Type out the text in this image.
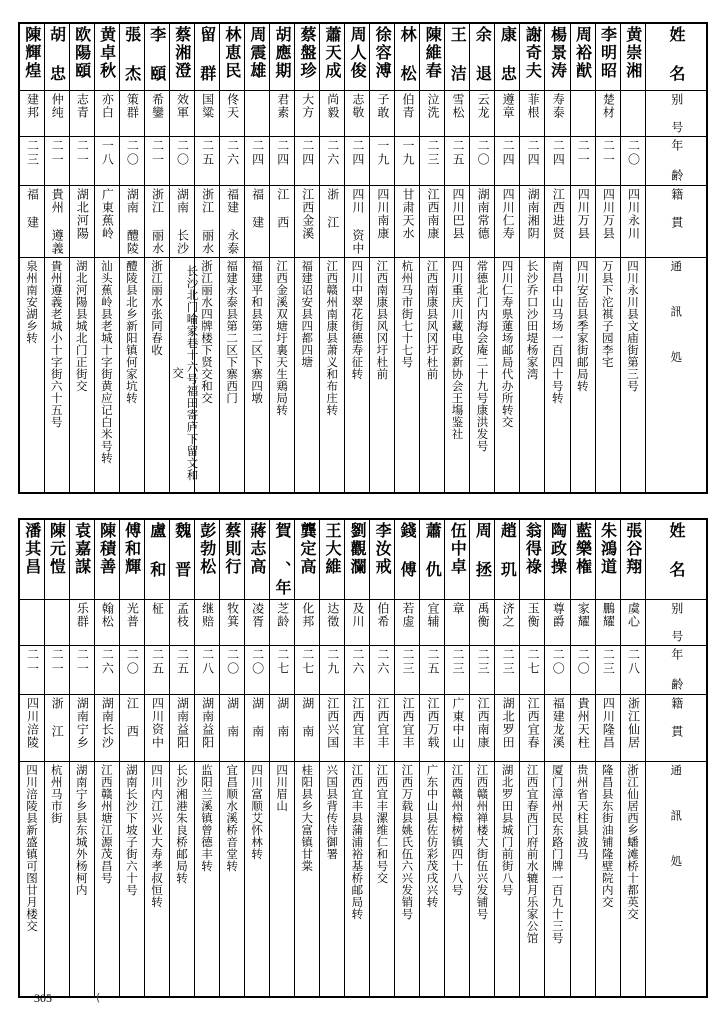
陳輝煌	胡 忠	欧陽頤	黄卓秋	張 杰	李 頤	蔡湘澄	留 群	林恵民	周震雄	胡應期	蔡盤珍	蕭天成	周人俊	徐容溥	林 松	陳維春	王 洁	余 退	康 忠	謝奇夫	楊景涛	周裕猷	李明昭	黄崇湘	姓 名

建邦	仲纯	志青	亦白	策群	希鑾	效軍	国粱	佟天		君素	大方	尚毅	志敬	子敢	伯青	泣洗	雪松	云龙	遵章	菲根	寿泰		楚材		别 号

二三	二一	二一	一八	二〇	二一	二〇	二五	二六	二四	二四	二四	二六	二四	一九	一九	二三	二五	二〇	二四	二四	二四	二一	二一	二〇	年 齢

福 建	貴州 遵義	湖北河陽	广東蕉岭	湖南 醴陵	浙江 丽水	湖南 长沙	浙江 丽水	福建 永泰	福 建	江 西	江西金溪	浙 江	四川 资中	四川南康	甘肃天水	江西南康	四川巴县	湖南常德	四川仁寿	湖南湘阴	江西进贤	四川万县	四川万县	四川永川	籍 貫

泉州南安湖乡转	貴州遵義老城小十字街六十五号	湖北河陽县城北门正街交	汕头蕉岭县老城十字街黄应记白米号转	醴陵县北乡新阳镇何家坑转	浙江丽水张同春收	长沙北门喻家巷十六号福田寄庐下留文和交	浙江丽水四牌楼下贤交和交	福建永泰县第二区下寨西门	福建平和县第二区下寨四墩	江西金溪双塘圩裏天生鶏局转	福建诏安县四都四塘	江西赣州南康县萧义和布庄转	四川中翠花街德寿征转	江西南康县风冈圩杜前	杭州马市街七十七号	江西南康县风冈圩杜前	四川重庆川藏电政新协会王塲鉴社	常德北门内海会庵二十九号康洪发号	四川仁寿県蓮场邮局代办所转交	长沙乔口沙田堤杨家湾	南昌中山马场一百四十号转	四川安岳县季家街邮局转	万县下沱褀子园李宅	四川永川县文庙街第三号	通 訊 処
潘其昌	陳元愷	袁嘉謀	陳積善	傅和輝	盧 和	魏 晋	彭勃松	蔡則行	蔣志高	賀 、年	龔定高	王大維	劉觀瀾	李汝戒	錢 傅	蕭 仇	伍中卓	周 拯	趙 玑	翁得祿	陶政操	藍樂権	朱鴻道	張谷翔	姓 名

		乐群	翰松	光普	柾	孟枝	继赔	牧箕	凌胥	芝龄	化邦	达徵	及川	伯希	若虚	宜辅	章	禹衡	济之	玉衡	尊爵	家耀	鵬耀	虞心	别 号

二一	二一	二一	二六	二〇	二五	二五	二八	二〇	二〇	二七	二七	二九	二六	二六	二三	二五	二三	二三	二三	二七	二〇	二〇	二三	二八	年 齢

四川涪陵	浙 江	湖南宁乡	湖南长沙	江 西	四川资中	湖南益阳	湖南益阳	湖 南	湖 南	湖 南	湖 南	江西兴国	江西宜丰	江西宜丰	江西宜丰	江西万载	广東中山	江西南康	湖北罗田	江西宜春	福建龙溪	貴州天柱	四川隆昌	浙江仙居	籍 貫

四川涪陵县新盛镇可图廿月楼交	杭州马市街	湖南宁乡县东城外杨柯内	江西赣州塘江源茂昌号	湖南长沙下坡子街六十号	四川内江兴业大寿孝叔恒转	长沙湘港朱良桥邮局转	监阳兰溪镇曾德丰转	宜昌顺水溪桥音堂转	四川富顺艾怀林转	四川眉山	桂阳县乡大富镇甘棠	兴国县背传侍御署	江西宜丰县蒲浦裕基桥邮局转	江西宜丰漯维仁和号交	江西万载县姚氏伍六兴发销号	广东中山县佐仿彩茂戌兴转	江西赣州樟树镇四十八号	江西赣州禅楼大街伍兴发铺号	湖北罗田县城门前街八号	江西宜春西门府前水辘月乐家公馆	厦门漳州民东路门牌一百九十三号	贵州省天柱县波马	隆昌县东街油铺隆壁院内交	浙江仙居西乡蟠滩桥十都英交	通 訊 処
305	(
